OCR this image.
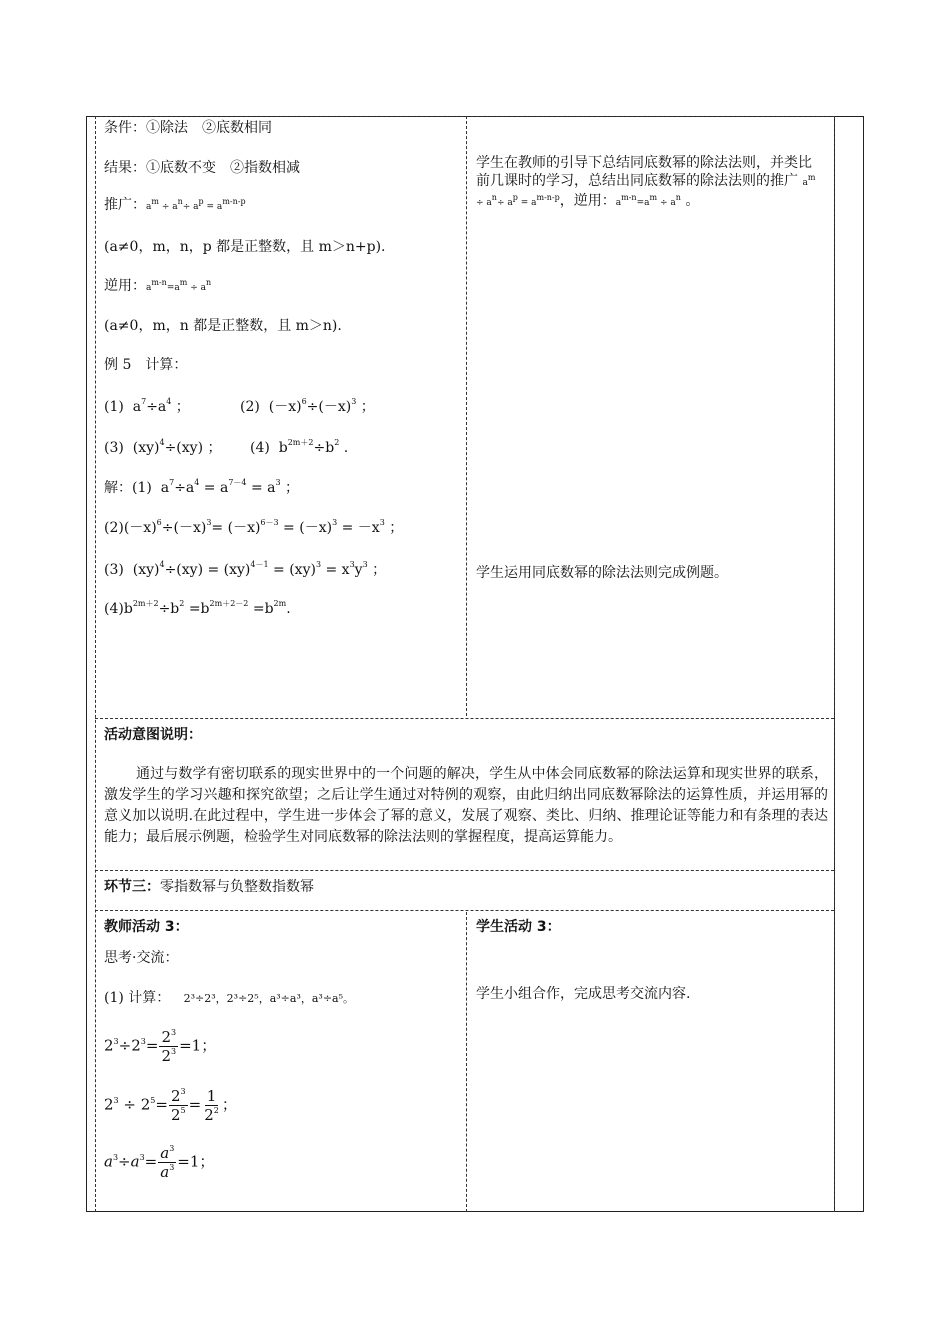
条件：①除法　②底数相同
结果：①底数不变　②指数相减
推广：$a^m \div a^n\div a^p = a^{m-n-p}$
(a≠0，m，n，p 都是正整数，且 m＞n+p).
逆用：$a^{m-n}=a^m \div a^n$
(a≠0，m，n 都是正整数，且 m＞n).
例 5　计算：
(1)  $a^7\div a^4$ ；	(2)  $(-x)^6\div(-x)^3$ ；
(3)  (xy)$^4$÷(xy) ； (4)  $b^{2m+2}\div b^2$ .
解：(1)  $a^7\div a^4 = a^{7-4} = a^3$ ；
$(2)(-x)^6\div(-x)^3= (-x)^{6-3} = (-x)^3 = -x^3$ ；
(3)  $(xy)^4\div(xy) = (xy)^{4-1} = (xy)^3 = x^3y^3$ ；
$(4)b^{2m+2}\div b^2 =b^{2m+2-2} =b^{2m}$.
学生在教师的引导下总结同底数幂的除法法则，并类比前几课时的学习，总结出同底数幂的除法法则的推广 $a^m \div a^n\div a^p = a^{m-n-p}$，逆用：$a^{m-n}=a^m \div a^n$ 。
学生运用同底数幂的除法法则完成例题。
活动意图说明：
通过与数学有密切联系的现实世界中的一个问题的解决，学生从中体会同底数幂的除法运算和现实世界的联系，激发学生的学习兴趣和探究欲望；之后让学生通过对特例的观察，由此归纳出同底数幂除法的运算性质，并运用幂的意义加以说明.在此过程中，学生进一步体会了幂的意义，发展了观察、类比、归纳、推理论证等能力和有条理的表达能力；最后展示例题，检验学生对同底数幂的除法法则的掌握程度，提高运算能力。
环节三：零指数幂与负整数指数幂
教师活动 3：
思考·交流：
(1) 计算： 2³÷2³，2³÷2⁵，a³÷a³，a³÷a⁵。
$2^3\div 2^3= \frac{2^3}{2^3} =1$；
$2^3 \div 2^5= \frac{2^3}{2^5} = \frac{1}{2^2}$ ；
$a^3\div a^3= \frac{a^3}{a^3} =1$；
学生活动 3：
学生小组合作，完成思考交流内容.
